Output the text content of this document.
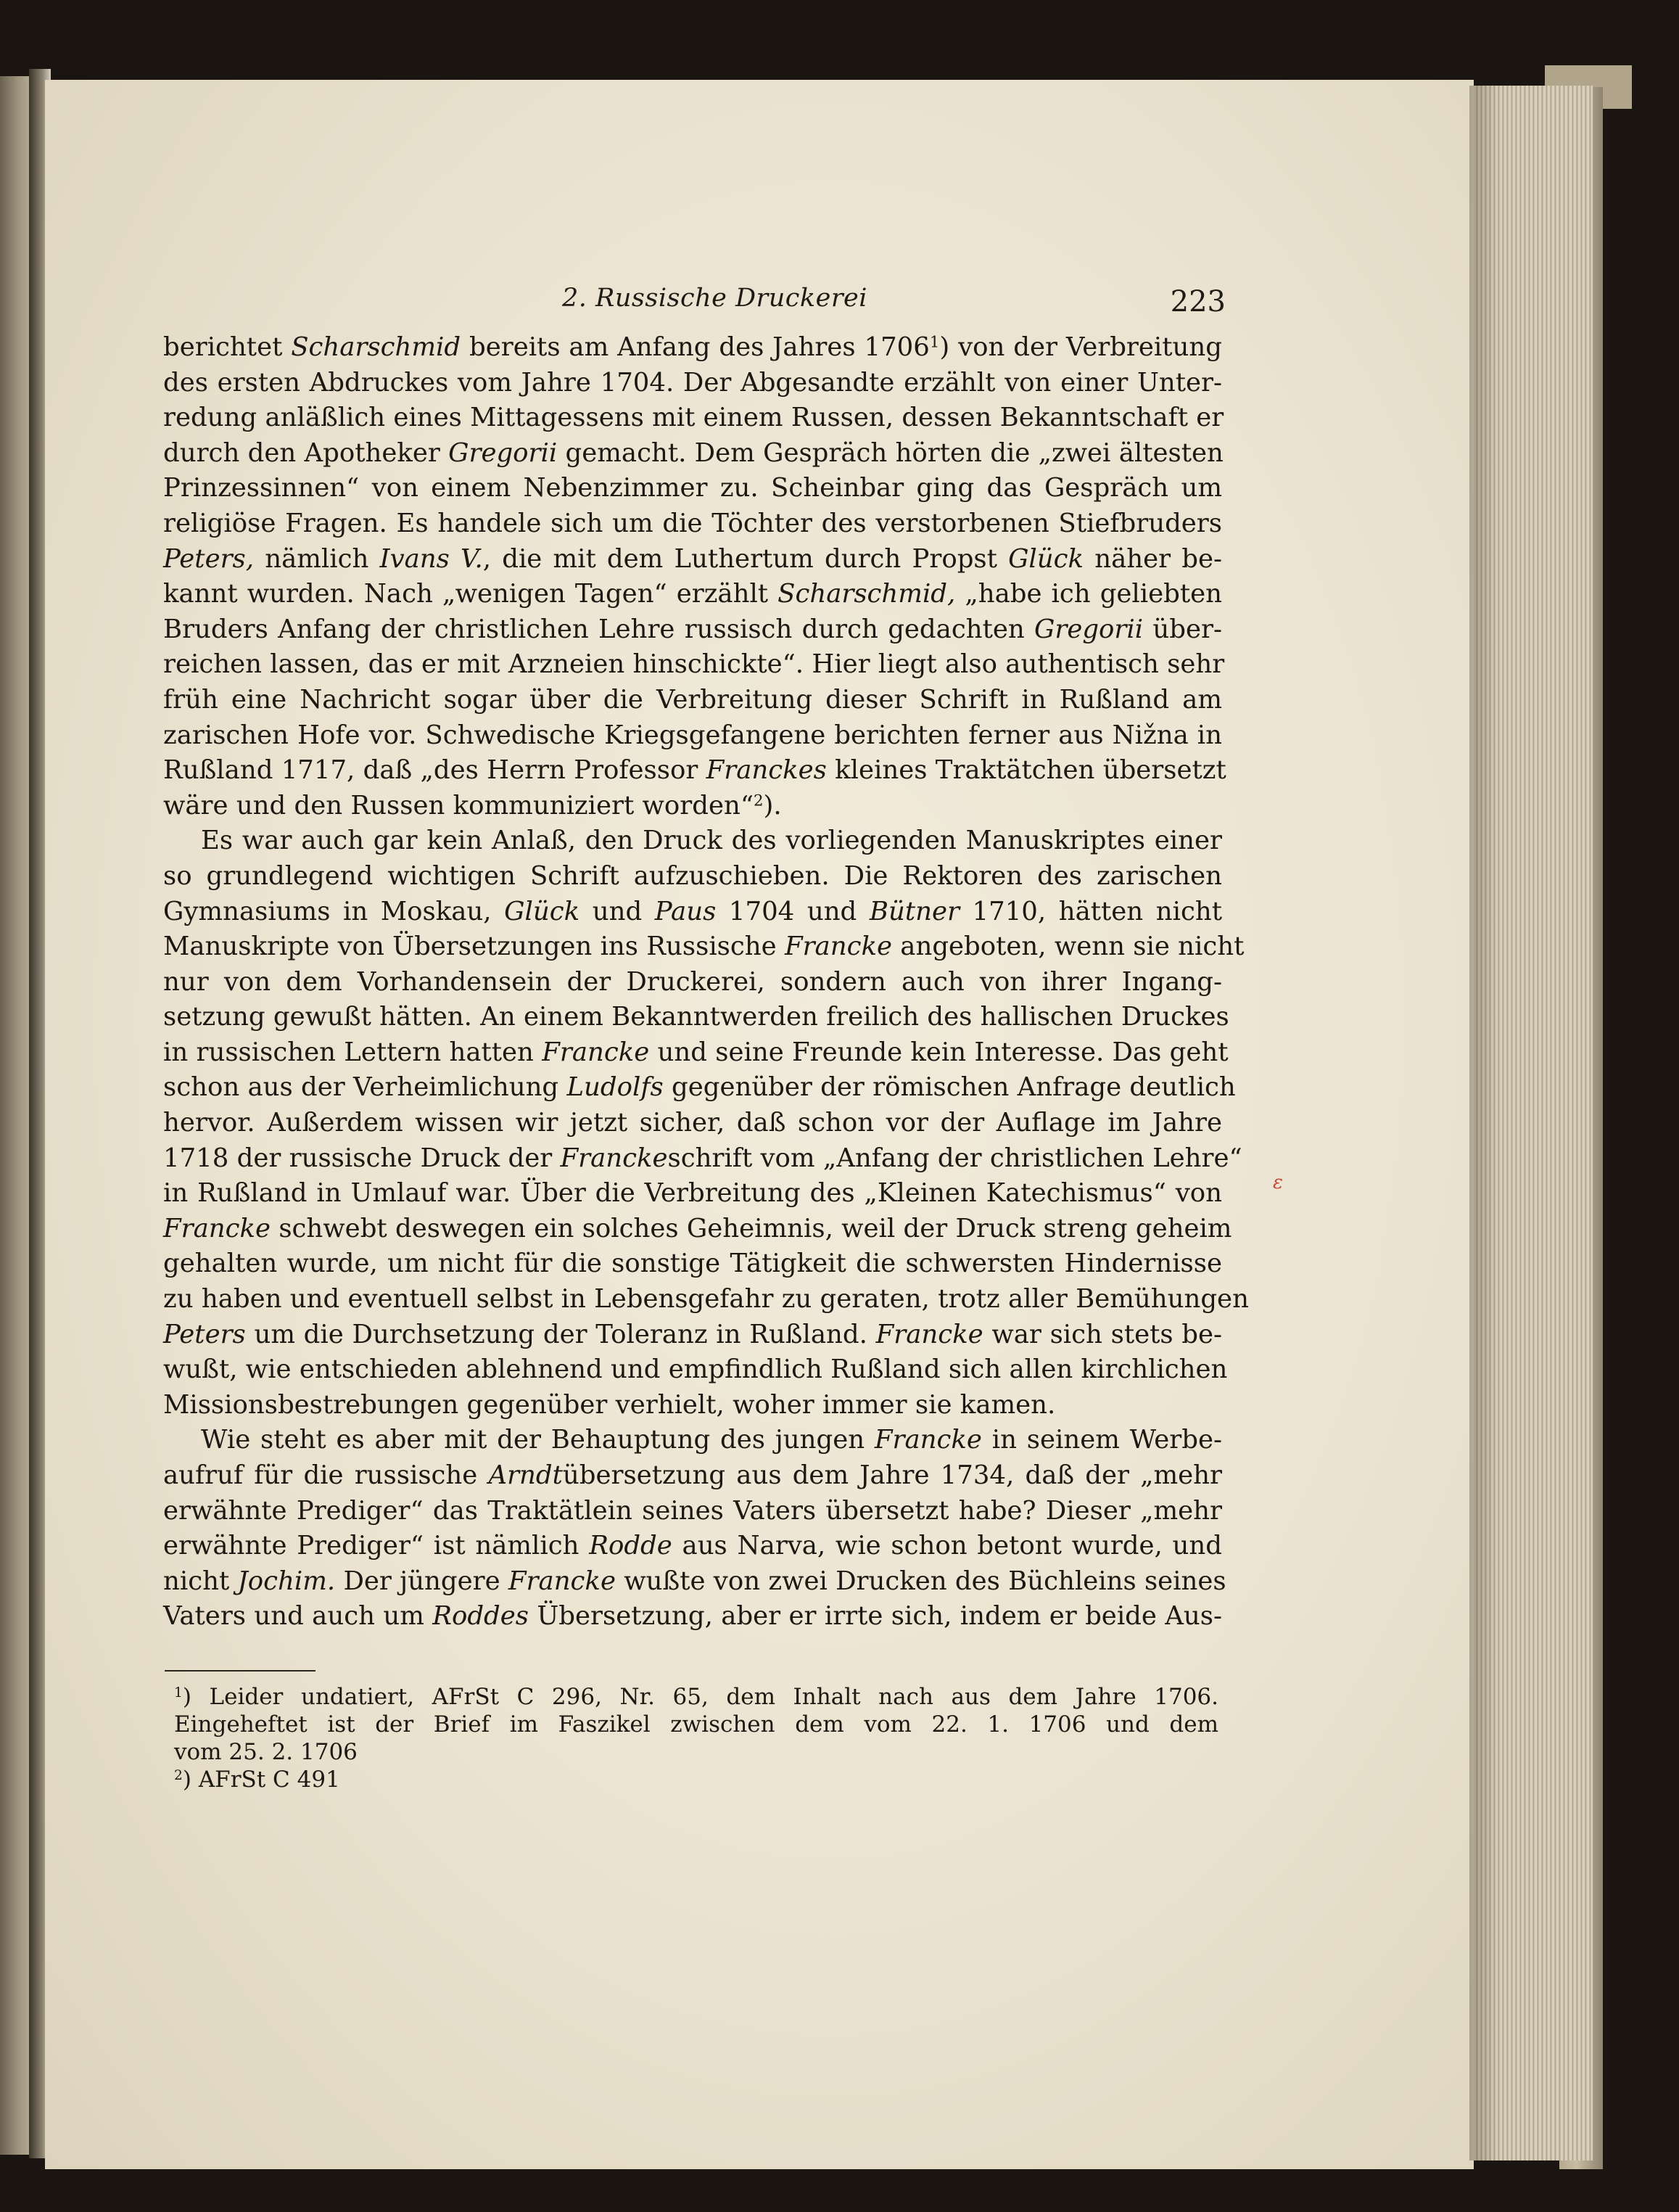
2. Russische Druckerei	223
berichtet Scharschmid bereits am Anfang des Jahres 1706$^1$) von der Verbreitung
des ersten Abdruckes vom Jahre 1704. Der Abgesandte erzählt von einer Unter-
redung anläßlich eines Mittagessens mit einem Russen, dessen Bekanntschaft er
durch den Apotheker Gregorii gemacht. Dem Gespräch hörten die „zwei ältesten
Prinzessinnen“ von einem Nebenzimmer zu. Scheinbar ging das Gespräch um
religiöse Fragen. Es handele sich um die Töchter des verstorbenen Stiefbruders
Peters, nämlich Ivans V., die mit dem Luthertum durch Propst Glück näher be-
kannt wurden. Nach „wenigen Tagen“ erzählt Scharschmid, „habe ich geliebten
Bruders Anfang der christlichen Lehre russisch durch gedachten Gregorii über-
reichen lassen, das er mit Arzneien hinschickte“. Hier liegt also authentisch sehr
früh eine Nachricht sogar über die Verbreitung dieser Schrift in Rußland am
zarischen Hofe vor. Schwedische Kriegsgefangene berichten ferner aus Nižna in
Rußland 1717, daß „des Herrn Professor Franckes kleines Traktätchen übersetzt
wäre und den Russen kommuniziert worden“$^2$).
Es war auch gar kein Anlaß, den Druck des vorliegenden Manuskriptes einer
so grundlegend wichtigen Schrift aufzuschieben. Die Rektoren des zarischen
Gymnasiums in Moskau, Glück und Paus 1704 und Bütner 1710, hätten nicht
Manuskripte von Übersetzungen ins Russische Francke angeboten, wenn sie nicht
nur von dem Vorhandensein der Druckerei, sondern auch von ihrer Ingang-
setzung gewußt hätten. An einem Bekanntwerden freilich des hallischen Druckes
in russischen Lettern hatten Francke und seine Freunde kein Interesse. Das geht
schon aus der Verheimlichung Ludolfs gegenüber der römischen Anfrage deutlich
hervor. Außerdem wissen wir jetzt sicher, daß schon vor der Auflage im Jahre
1718 der russische Druck der Franckeschrift vom „Anfang der christlichen Lehre“
in Rußland in Umlauf war. Über die Verbreitung des „Kleinen Katechismus“ von
Francke schwebt deswegen ein solches Geheimnis, weil der Druck streng geheim
gehalten wurde, um nicht für die sonstige Tätigkeit die schwersten Hindernisse
zu haben und eventuell selbst in Lebensgefahr zu geraten, trotz aller Bemühungen
Peters um die Durchsetzung der Toleranz in Rußland. Francke war sich stets be-
wußt, wie entschieden ablehnend und empfindlich Rußland sich allen kirchlichen
Missionsbestrebungen gegenüber verhielt, woher immer sie kamen.
Wie steht es aber mit der Behauptung des jungen Francke in seinem Werbe-
aufruf für die russische Arndtübersetzung aus dem Jahre 1734, daß der „mehr
erwähnte Prediger“ das Traktätlein seines Vaters übersetzt habe? Dieser „mehr
erwähnte Prediger“ ist nämlich Rodde aus Narva, wie schon betont wurde, und
nicht Jochim. Der jüngere Francke wußte von zwei Drucken des Büchleins seines
Vaters und auch um Roddes Übersetzung, aber er irrte sich, indem er beide Aus-
ε
$^1$) Leider undatiert, AFrSt C 296, Nr. 65, dem Inhalt nach aus dem Jahre 1706.
Eingeheftet ist der Brief im Faszikel zwischen dem vom 22. 1. 1706 und dem
vom 25. 2. 1706
$^2$) AFrSt C 491
